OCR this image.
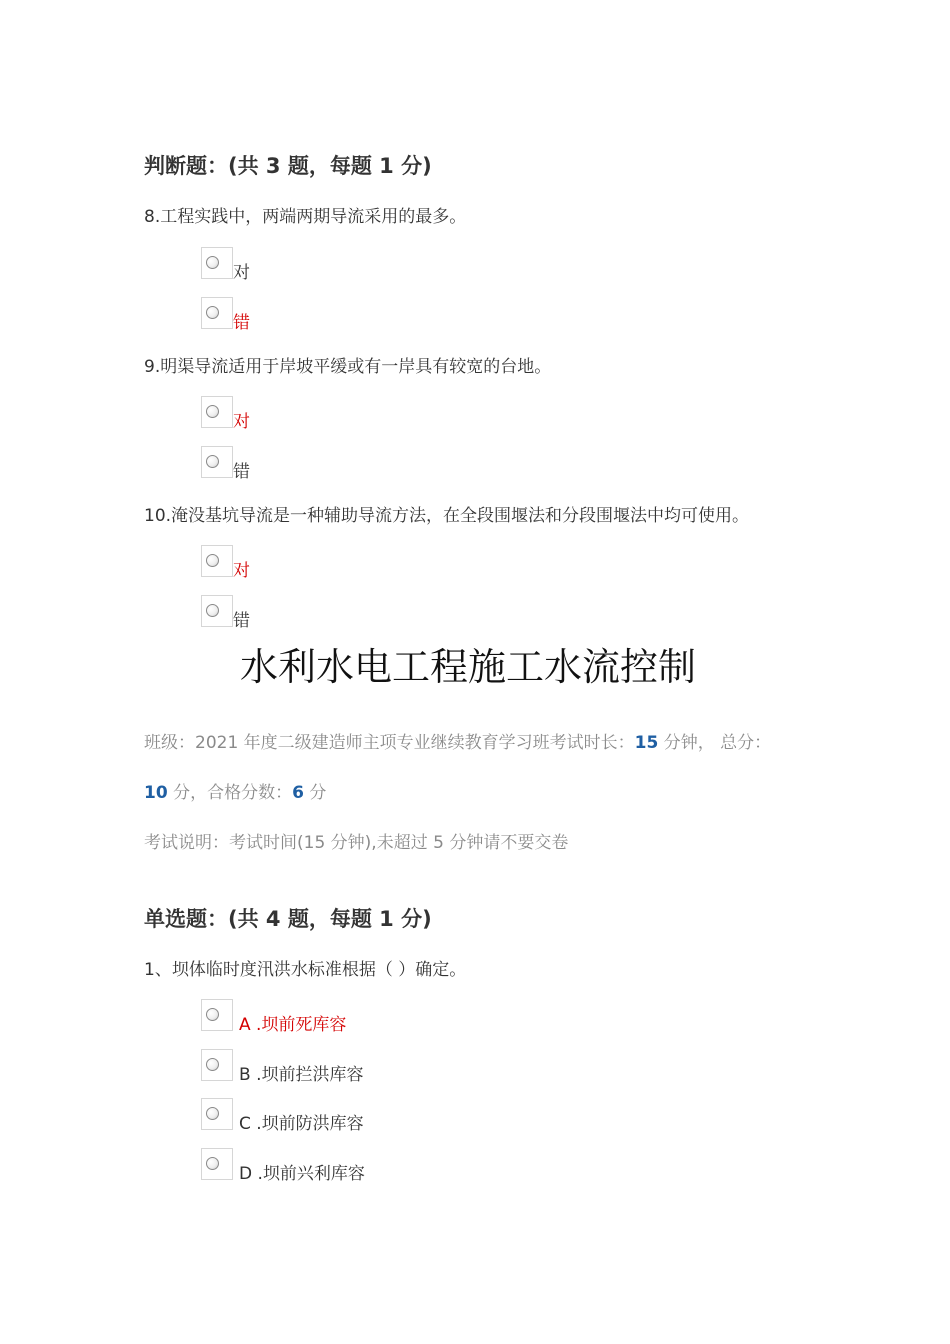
判断题：(共 3 题，每题 1 分)
8.工程实践中，两端两期导流采用的最多。
对
错
9.明渠导流适用于岸坡平缓或有一岸具有较宽的台地。
对
错
10.淹没基坑导流是一种辅助导流方法，在全段围堰法和分段围堰法中均可使用。
对
错
水利水电工程施工水流控制
班级：2021 年度二级建造师主项专业继续教育学习班考试时长：15 分钟， 总分：
10 分，合格分数：6 分
考试说明：考试时间(15 分钟),未超过 5 分钟请不要交卷
单选题：(共 4 题，每题 1 分)
1、坝体临时度汛洪水标准根据（ ）确定。
A .坝前死库容
B .坝前拦洪库容
C .坝前防洪库容
D .坝前兴利库容
